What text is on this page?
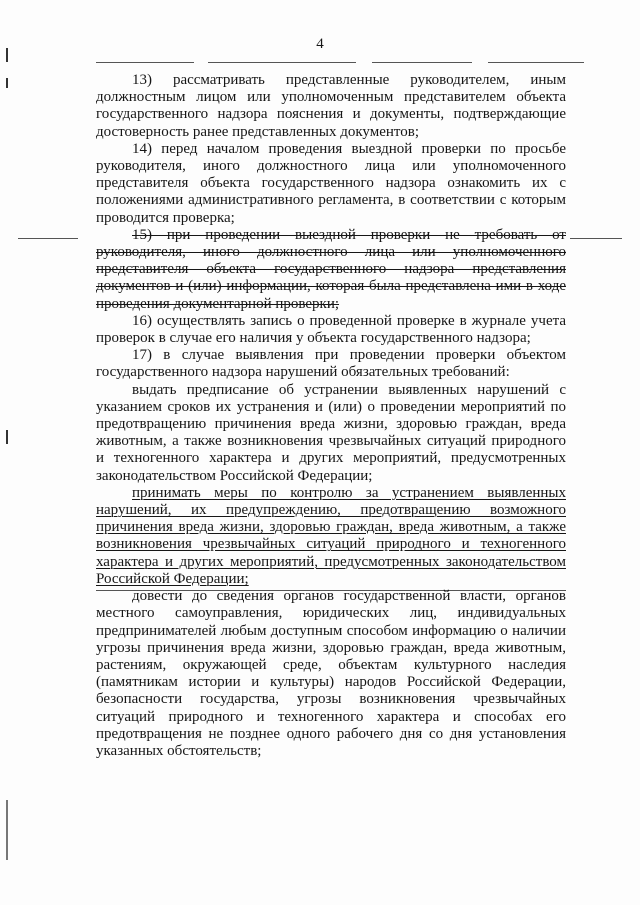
4

13) рассматривать представленные руководителем, иным должностным лицом или уполномоченным представителем объекта государственного надзора пояснения и документы, подтверждающие достоверность ранее представленных документов;

14) перед началом проведения выездной проверки по просьбе руководителя, иного должностного лица или уполномоченного представителя объекта государственного надзора ознакомить их с положениями административного регламента, в соответствии с которым проводится проверка;

15) при проведении выездной проверки не требовать от руководителя, иного должностного лица или уполномоченного представителя объекта государственного надзора представления документов и (или) информации, которая была представлена ими в ходе проведения документарной проверки;

16) осуществлять запись о проведенной проверке в журнале учета проверок в случае его наличия у объекта государственного надзора;

17) в случае выявления при проведении проверки объектом государственного надзора нарушений обязательных требований:

выдать предписание об устранении выявленных нарушений с указанием сроков их устранения и (или) о проведении мероприятий по предотвращению причинения вреда жизни, здоровью граждан, вреда животным, а также возникновения чрезвычайных ситуаций природного и техногенного характера и других мероприятий, предусмотренных законодательством Российской Федерации;

принимать меры по контролю за устранением выявленных нарушений, их предупреждению, предотвращению возможного причинения вреда жизни, здоровью граждан, вреда животным, а также возникновения чрезвычайных ситуаций природного и техногенного характера и других мероприятий, предусмотренных законодательством Российской Федерации;

довести до сведения органов государственной власти, органов местного самоуправления, юридических лиц, индивидуальных предпринимателей любым доступным способом информацию о наличии угрозы причинения вреда жизни, здоровью граждан, вреда животным, растениям, окружающей среде, объектам культурного наследия (памятникам истории и культуры) народов Российской Федерации, безопасности государства, угрозы возникновения чрезвычайных ситуаций природного и техногенного характера и способах его предотвращения не позднее одного рабочего дня со дня установления указанных обстоятельств;
